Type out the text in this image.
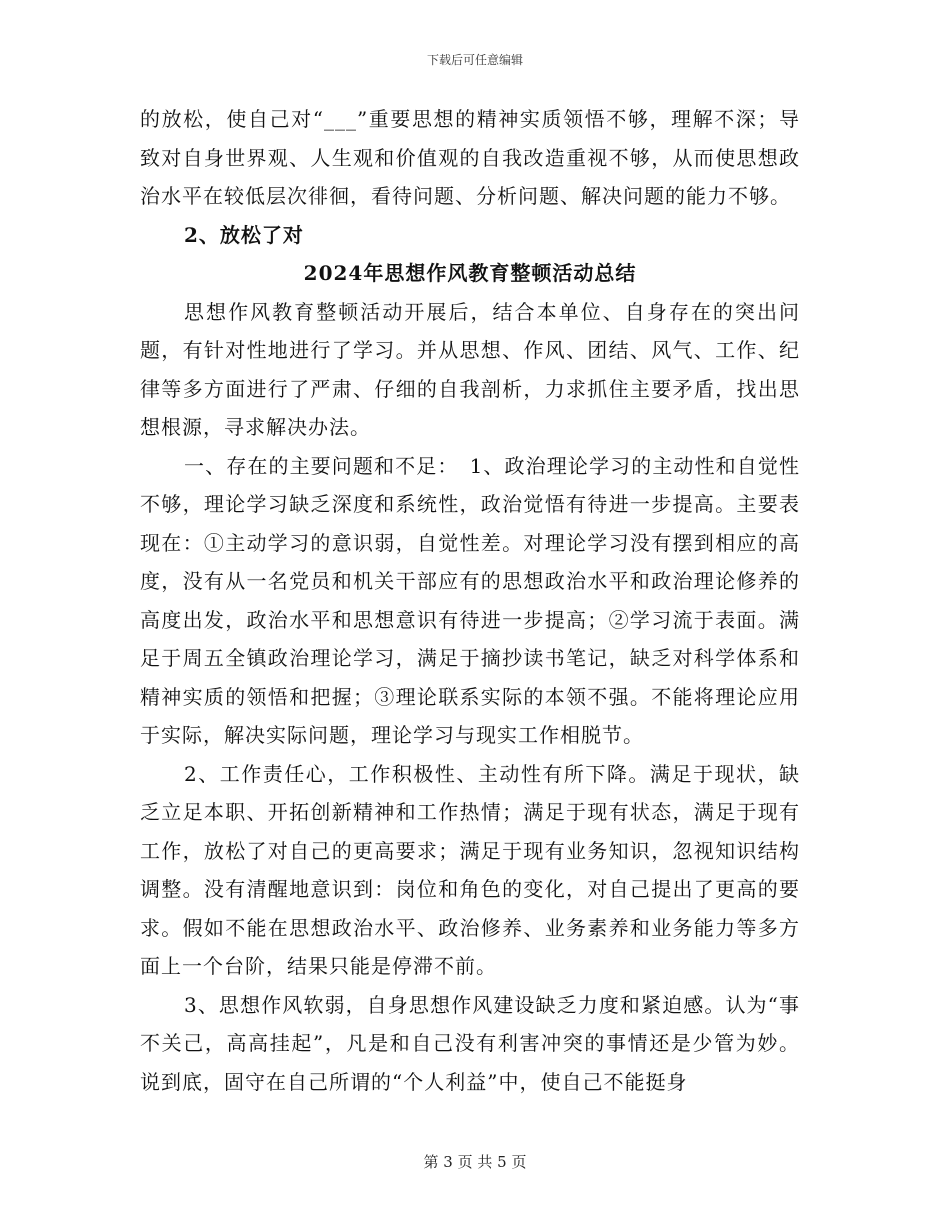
下载后可任意编辑

的放松，使自己对“___”重要思想的精神实质领悟不够，理解不深；导致对自身世界观、人生观和价值观的自我改造重视不够，从而使思想政治水平在较低层次徘徊，看待问题、分析问题、解决问题的能力不够。

2、放松了对

2024年思想作风教育整顿活动总结

思想作风教育整顿活动开展后，结合本单位、自身存在的突出问题，有针对性地进行了学习。并从思想、作风、团结、风气、工作、纪律等多方面进行了严肃、仔细的自我剖析，力求抓住主要矛盾，找出思想根源，寻求解决办法。

一、存在的主要问题和不足：　1、政治理论学习的主动性和自觉性不够，理论学习缺乏深度和系统性，政治觉悟有待进一步提高。主要表现在：①主动学习的意识弱，自觉性差。对理论学习没有摆到相应的高度，没有从一名党员和机关干部应有的思想政治水平和政治理论修养的高度出发，政治水平和思想意识有待进一步提高；②学习流于表面。满足于周五全镇政治理论学习，满足于摘抄读书笔记，缺乏对科学体系和精神实质的领悟和把握；③理论联系实际的本领不强。不能将理论应用于实际，解决实际问题，理论学习与现实工作相脱节。

2、工作责任心，工作积极性、主动性有所下降。满足于现状，缺乏立足本职、开拓创新精神和工作热情；满足于现有状态，满足于现有工作，放松了对自己的更高要求；满足于现有业务知识，忽视知识结构调整。没有清醒地意识到：岗位和角色的变化，对自己提出了更高的要求。假如不能在思想政治水平、政治修养、业务素养和业务能力等多方面上一个台阶，结果只能是停滞不前。

3、思想作风软弱，自身思想作风建设缺乏力度和紧迫感。认为“事不关己，高高挂起”，凡是和自己没有利害冲突的事情还是少管为妙。说到底，固守在自己所谓的“个人利益”中，使自己不能挺身

第 3 页 共 5 页
